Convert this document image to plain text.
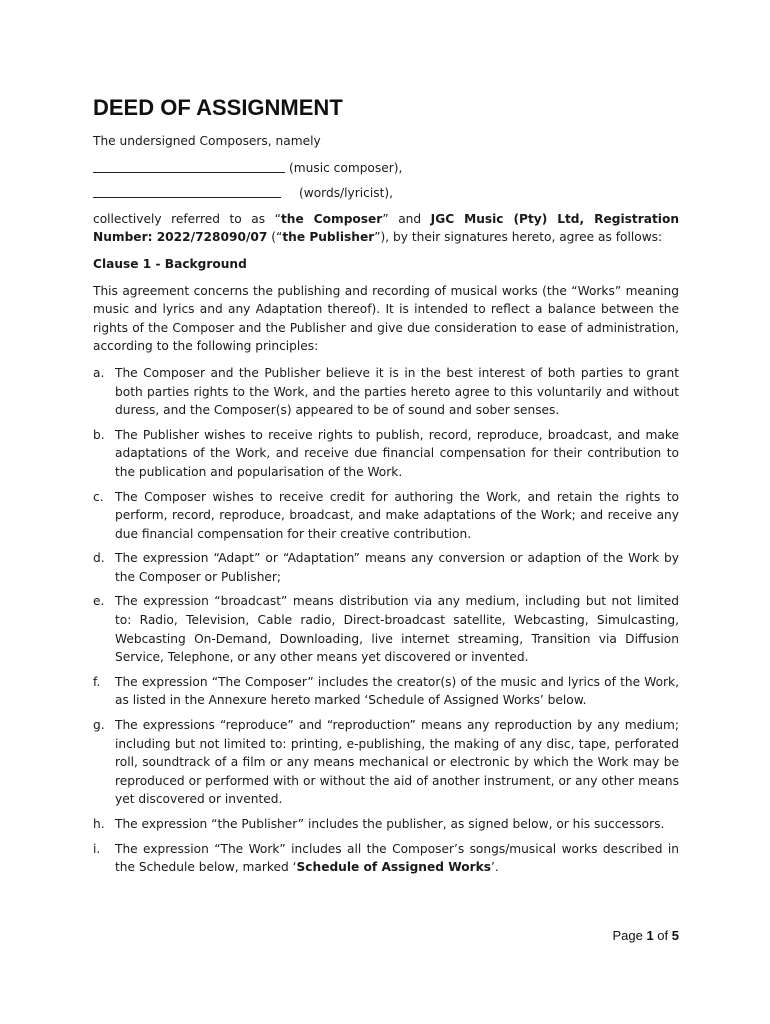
DEED OF ASSIGNMENT

The undersigned Composers, namely

(music composer),
(words/lyricist),

collectively referred to as “the Composer” and JGC Music (Pty) Ltd, Registration Number: 2022/728090/07 (“the Publisher”), by their signatures hereto, agree as follows:

Clause 1 - Background

This agreement concerns the publishing and recording of musical works (the “Works” meaning music and lyrics and any Adaptation thereof). It is intended to reflect a balance between the rights of the Composer and the Publisher and give due consideration to ease of administration, according to the following principles:

a. The Composer and the Publisher believe it is in the best interest of both parties to grant both parties rights to the Work, and the parties hereto agree to this voluntarily and without duress, and the Composer(s) appeared to be of sound and sober senses.
b. The Publisher wishes to receive rights to publish, record, reproduce, broadcast, and make adaptations of the Work, and receive due financial compensation for their contribution to the publication and popularisation of the Work.
c. The Composer wishes to receive credit for authoring the Work, and retain the rights to perform, record, reproduce, broadcast, and make adaptations of the Work; and receive any due financial compensation for their creative contribution.
d. The expression “Adapt” or “Adaptation” means any conversion or adaption of the Work by the Composer or Publisher;
e. The expression “broadcast” means distribution via any medium, including but not limited to: Radio, Television, Cable radio, Direct-broadcast satellite, Webcasting, Simulcasting, Webcasting On-Demand, Downloading, live internet streaming, Transition via Diffusion Service, Telephone, or any other means yet discovered or invented.
f.	The expression “The Composer” includes the creator(s) of the music and lyrics of the Work, as listed in the Annexure hereto marked ‘Schedule of Assigned Works’ below.
g. The expressions “reproduce” and “reproduction” means any reproduction by any medium; including but not limited to: printing, e-publishing, the making of any disc, tape, perforated roll, soundtrack of a film or any means mechanical or electronic by which the Work may be reproduced or performed with or without the aid of another instrument, or any other means yet discovered or invented.
h. The expression “the Publisher” includes the publisher, as signed below, or his successors.
i.	The expression “The Work” includes all the Composer’s songs/musical works described in the Schedule below, marked ‘Schedule of Assigned Works’.
Page 1 of 5
